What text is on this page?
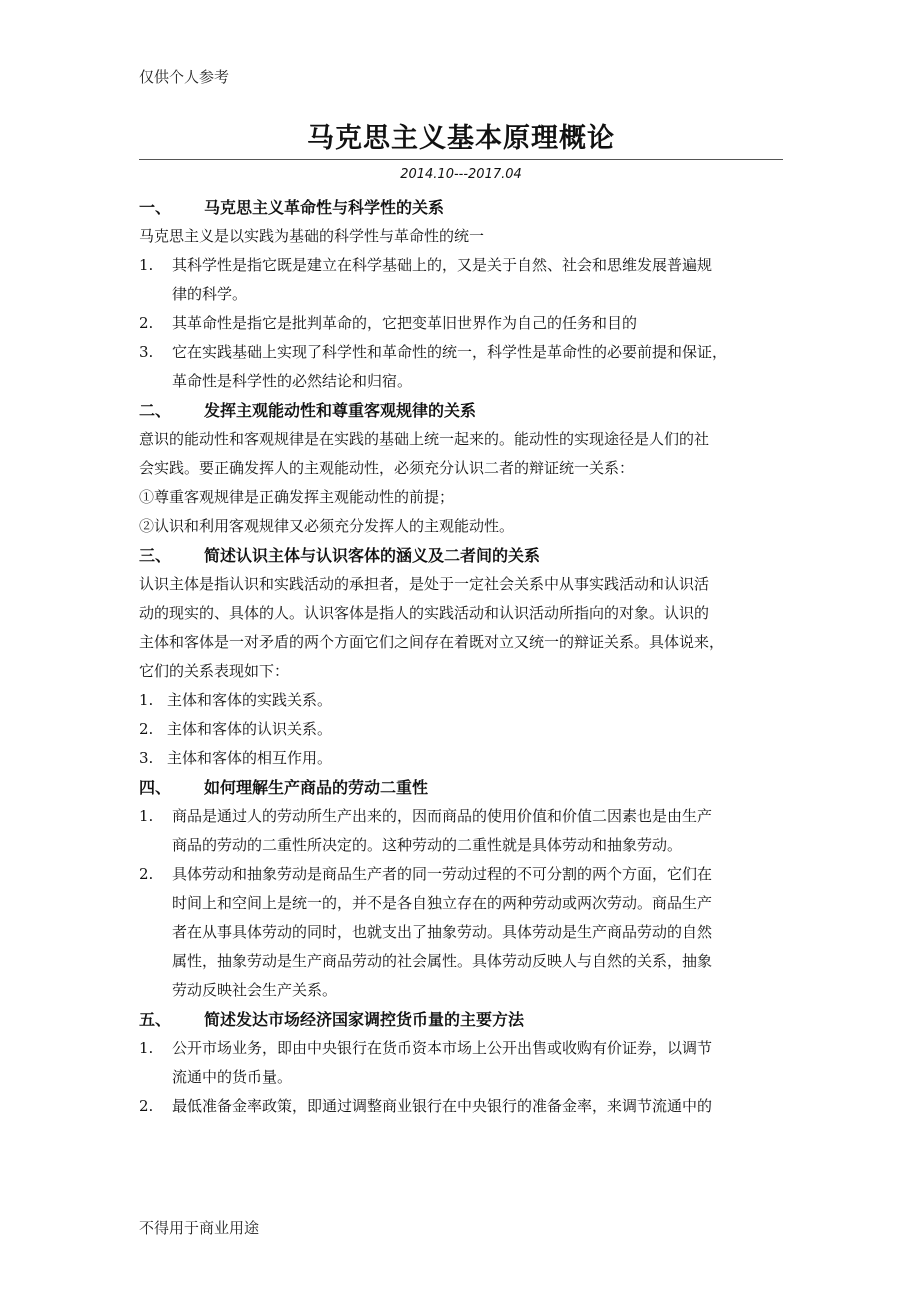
仅供个人参考
马克思主义基本原理概论
2014.10---2017.04
一、 马克思主义革命性与科学性的关系
马克思主义是以实践为基础的科学性与革命性的统一
1.	其科学性是指它既是建立在科学基础上的，又是关于自然、社会和思维发展普遍规
律的科学。
2.	其革命性是指它是批判革命的，它把变革旧世界作为自己的任务和目的
3.	它在实践基础上实现了科学性和革命性的统一，科学性是革命性的必要前提和保证，
革命性是科学性的必然结论和归宿。
二、 发挥主观能动性和尊重客观规律的关系
意识的能动性和客观规律是在实践的基础上统一起来的。能动性的实现途径是人们的社
会实践。要正确发挥人的主观能动性，必须充分认识二者的辩证统一关系：
①尊重客观规律是正确发挥主观能动性的前提；
②认识和利用客观规律又必须充分发挥人的主观能动性。
三、 简述认识主体与认识客体的涵义及二者间的关系
认识主体是指认识和实践活动的承担者，是处于一定社会关系中从事实践活动和认识活
动的现实的、具体的人。认识客体是指人的实践活动和认识活动所指向的对象。认识的
主体和客体是一对矛盾的两个方面它们之间存在着既对立又统一的辩证关系。具体说来，
它们的关系表现如下：
1. 主体和客体的实践关系。
2. 主体和客体的认识关系。
3. 主体和客体的相互作用。
四、 如何理解生产商品的劳动二重性
1.	商品是通过人的劳动所生产出来的，因而商品的使用价值和价值二因素也是由生产
商品的劳动的二重性所决定的。这种劳动的二重性就是具体劳动和抽象劳动。
2.	具体劳动和抽象劳动是商品生产者的同一劳动过程的不可分割的两个方面，它们在
时间上和空间上是统一的，并不是各自独立存在的两种劳动或两次劳动。商品生产
者在从事具体劳动的同时，也就支出了抽象劳动。具体劳动是生产商品劳动的自然
属性，抽象劳动是生产商品劳动的社会属性。具体劳动反映人与自然的关系，抽象
劳动反映社会生产关系。
五、 简述发达市场经济国家调控货币量的主要方法
1.	公开市场业务，即由中央银行在货币资本市场上公开出售或收购有价证券，以调节
流通中的货币量。
2.	最低准备金率政策，即通过调整商业银行在中央银行的准备金率，来调节流通中的
不得用于商业用途
